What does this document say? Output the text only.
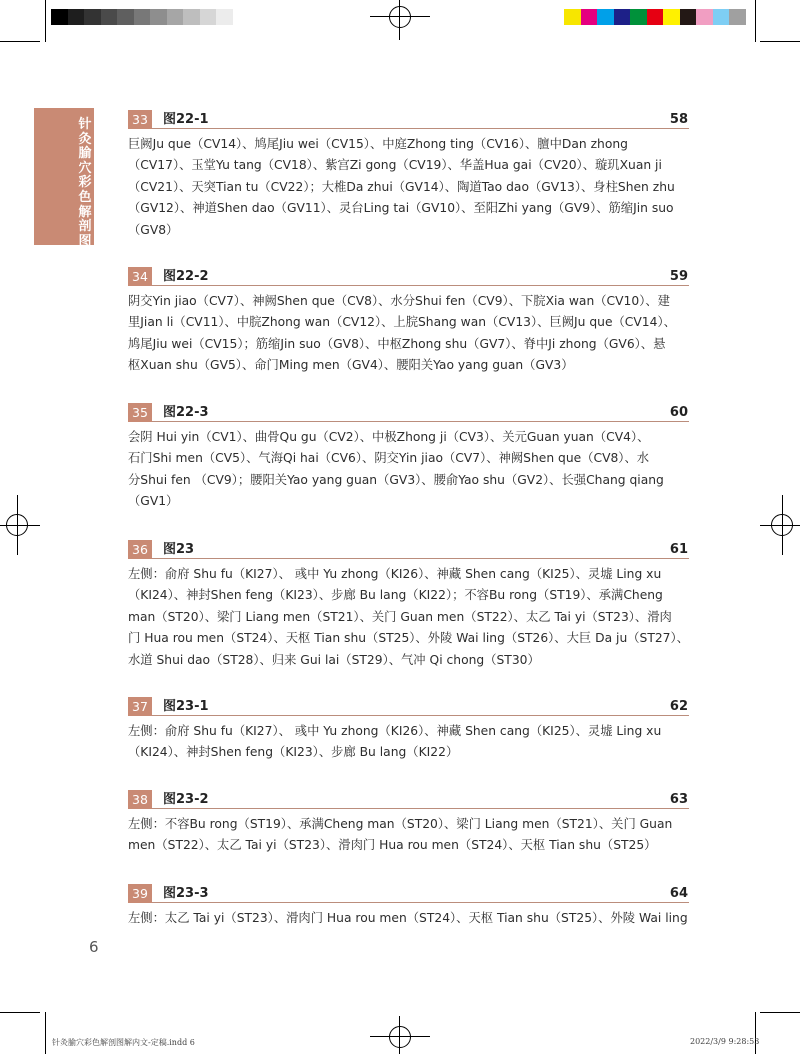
针灸腧穴彩色解剖图解
33	图22-1	58
巨阙Ju que（CV14）、鸠尾Jiu wei（CV15）、中庭Zhong ting（CV16）、膻中Dan zhong
（CV17）、玉堂Yu tang（CV18）、紫宫Zi gong（CV19）、华盖Hua gai（CV20）、璇玑Xuan ji
（CV21）、天突Tian tu（CV22）；大椎Da zhui（GV14）、陶道Tao dao（GV13）、身柱Shen zhu
（GV12）、神道Shen dao（GV11）、灵台Ling tai（GV10）、至阳Zhi yang（GV9）、筋缩Jin suo
（GV8）
34	图22-2	59
阴交Yin jiao（CV7）、神阙Shen que（CV8）、水分Shui fen（CV9）、下脘Xia wan（CV10）、建
里Jian li（CV11）、中脘Zhong wan（CV12）、上脘Shang wan（CV13）、巨阙Ju que（CV14）、
鸠尾Jiu wei（CV15）；筋缩Jin suo（GV8）、中枢Zhong shu（GV7）、脊中Ji zhong（GV6）、悬
枢Xuan shu（GV5）、命门Ming men（GV4）、腰阳关Yao yang guan（GV3）
35	图22-3	60
会阴 Hui yin（CV1）、曲骨Qu gu（CV2）、中极Zhong ji（CV3）、关元Guan yuan（CV4）、
石门Shi men（CV5）、气海Qi hai（CV6）、阴交Yin jiao（CV7）、神阙Shen que（CV8）、水
分Shui fen （CV9）；腰阳关Yao yang guan（GV3）、腰俞Yao shu（GV2）、长强Chang qiang
（GV1）
36	图23	61
左侧：俞府 Shu fu（KI27）、 彧中 Yu zhong（KI26）、神藏 Shen cang（KI25）、灵墟 Ling xu
（KI24）、神封Shen feng（KI23）、步廊 Bu lang（KI22）；不容Bu rong（ST19）、承满Cheng
man（ST20）、梁门 Liang men（ST21）、关门 Guan men（ST22）、太乙 Tai yi（ST23）、滑肉
门 Hua rou men（ST24）、天枢 Tian shu（ST25）、外陵 Wai ling（ST26）、大巨 Da ju（ST27）、
水道 Shui dao（ST28）、归来 Gui lai（ST29）、气冲 Qi chong（ST30）
37	图23-1	62
左侧：俞府 Shu fu（KI27）、 彧中 Yu zhong（KI26）、神藏 Shen cang（KI25）、灵墟 Ling xu
（KI24）、神封Shen feng（KI23）、步廊 Bu lang（KI22）
38	图23-2	63
左侧：不容Bu rong（ST19）、承满Cheng man（ST20）、梁门 Liang men（ST21）、关门 Guan
men（ST22）、太乙 Tai yi（ST23）、滑肉门 Hua rou men（ST24）、天枢 Tian shu（ST25）
39	图23-3	64
左侧：太乙 Tai yi（ST23）、滑肉门 Hua rou men（ST24）、天枢 Tian shu（ST25）、外陵 Wai ling
6
针灸腧穴彩色解剖图解内文-定稿.indd 6	2022/3/9 9:28:53
